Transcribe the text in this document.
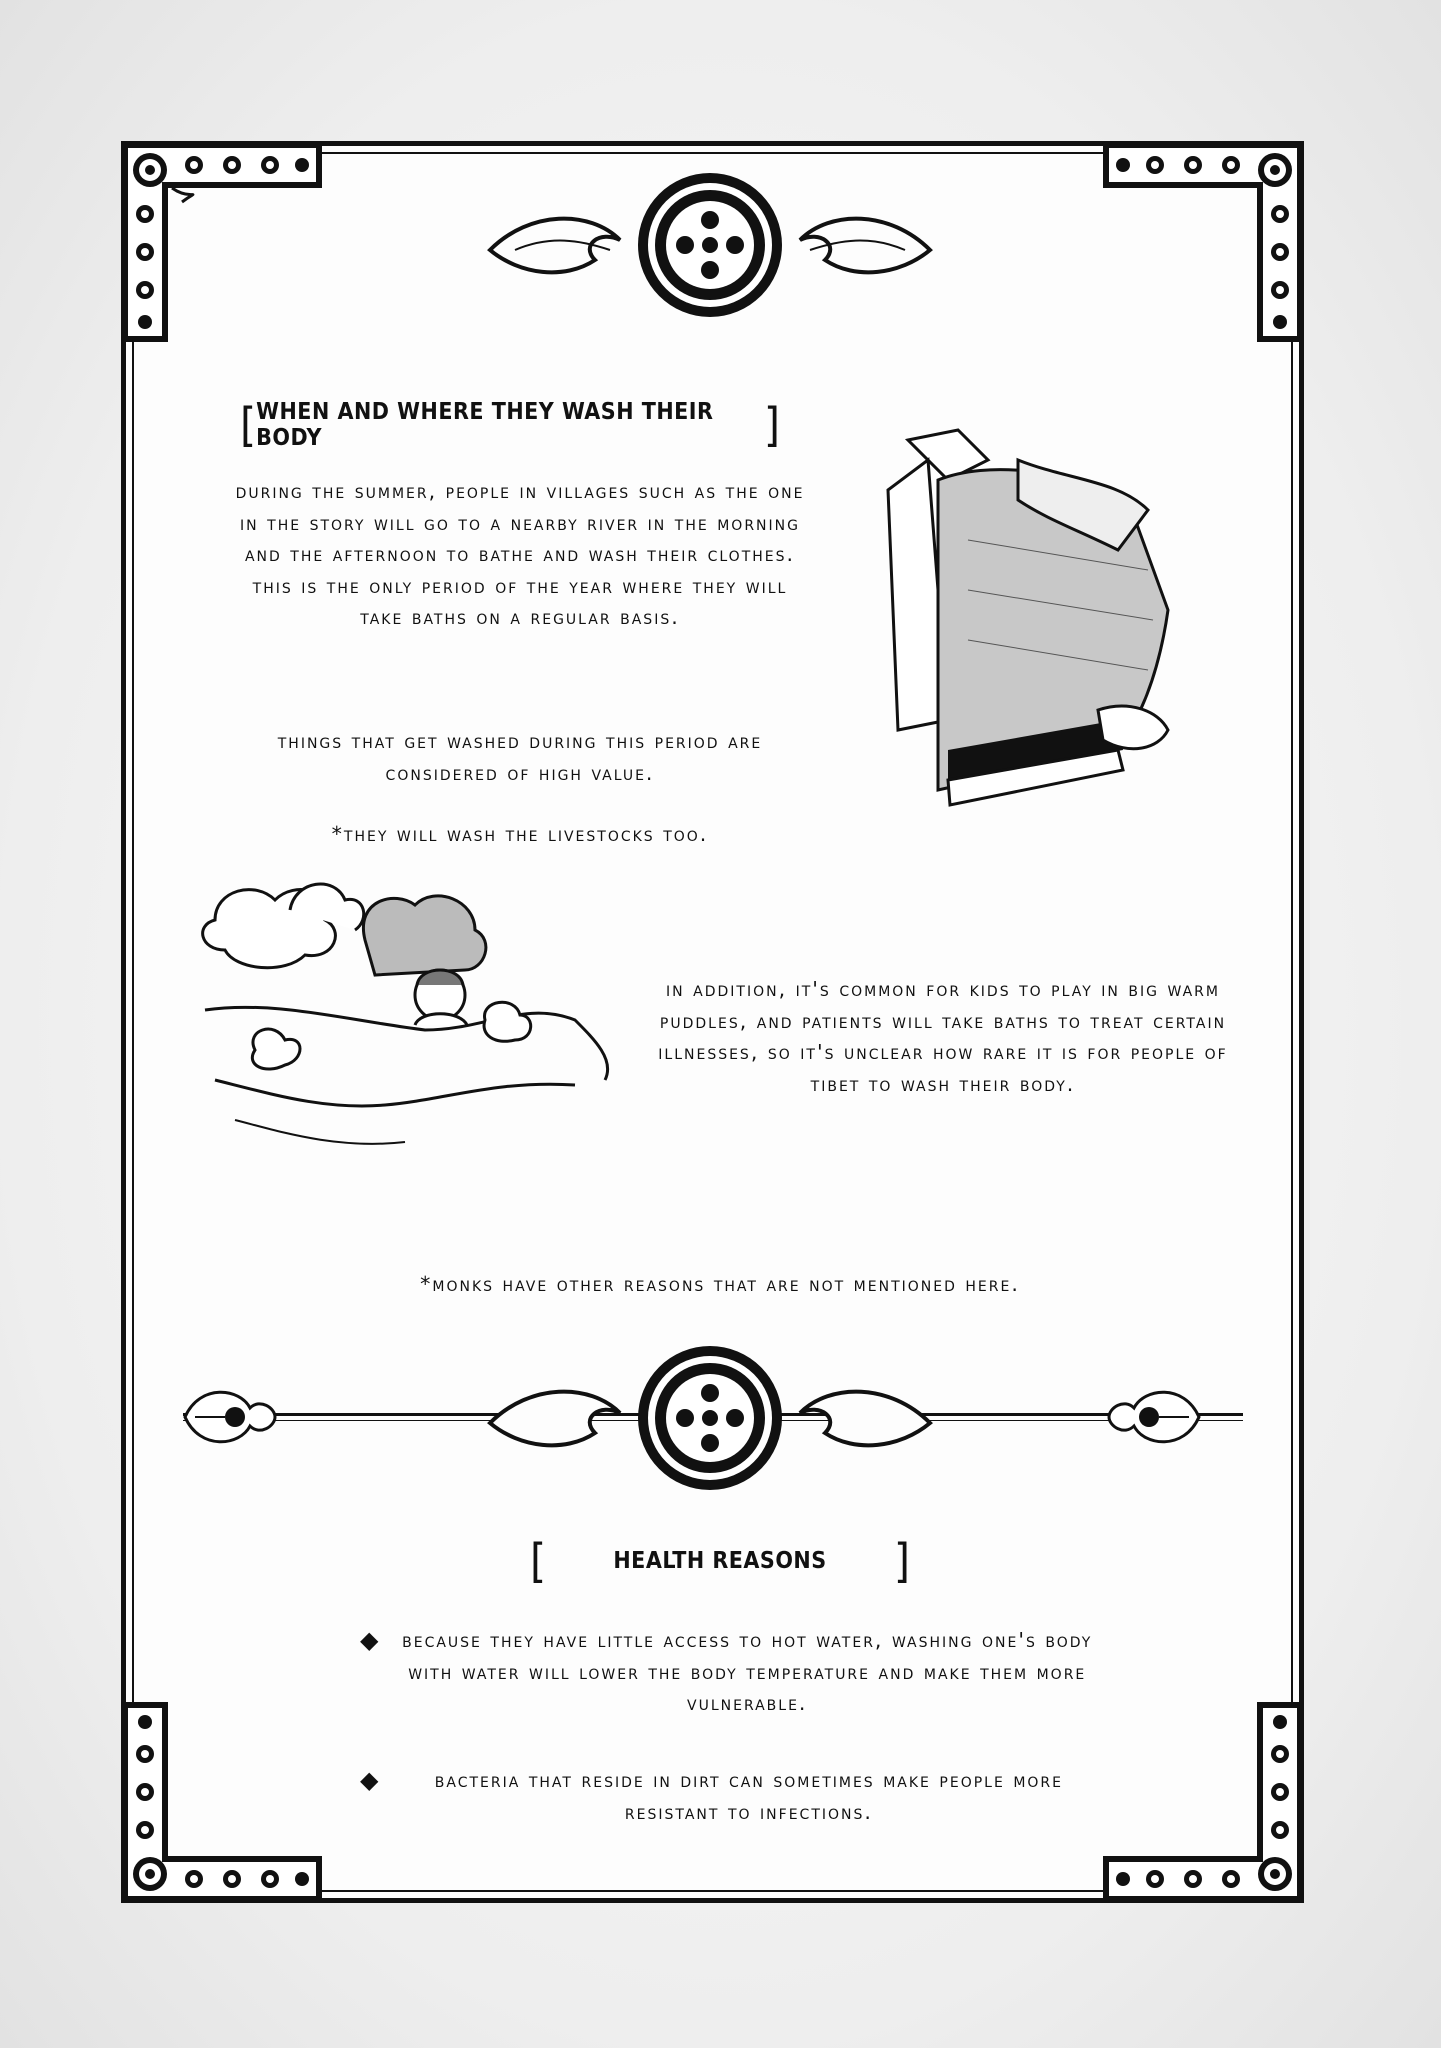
[ WHEN AND WHERE THEY WASH THEIR BODY	]
during the summer, people in villages such as the one in the story will go to a nearby river in the morning and the afternoon to bathe and wash their clothes. this is the only period of the year where they will take baths on a regular basis.
things that get washed during this period are considered of high value.
*they will wash the livestocks too.
in addition, it's common for kids to play in big warm puddles, and patients will take baths to treat certain illnesses, so it's unclear how rare it is for people of tibet to wash their body.
*monks have other reasons that are not mentioned here.
[	HEALTH REASONS ]
◆	because they have little access to hot water, washing one's body with water will lower the body temperature and make them more vulnerable.
◆	bacteria that reside in dirt can sometimes make people more resistant to infections.
